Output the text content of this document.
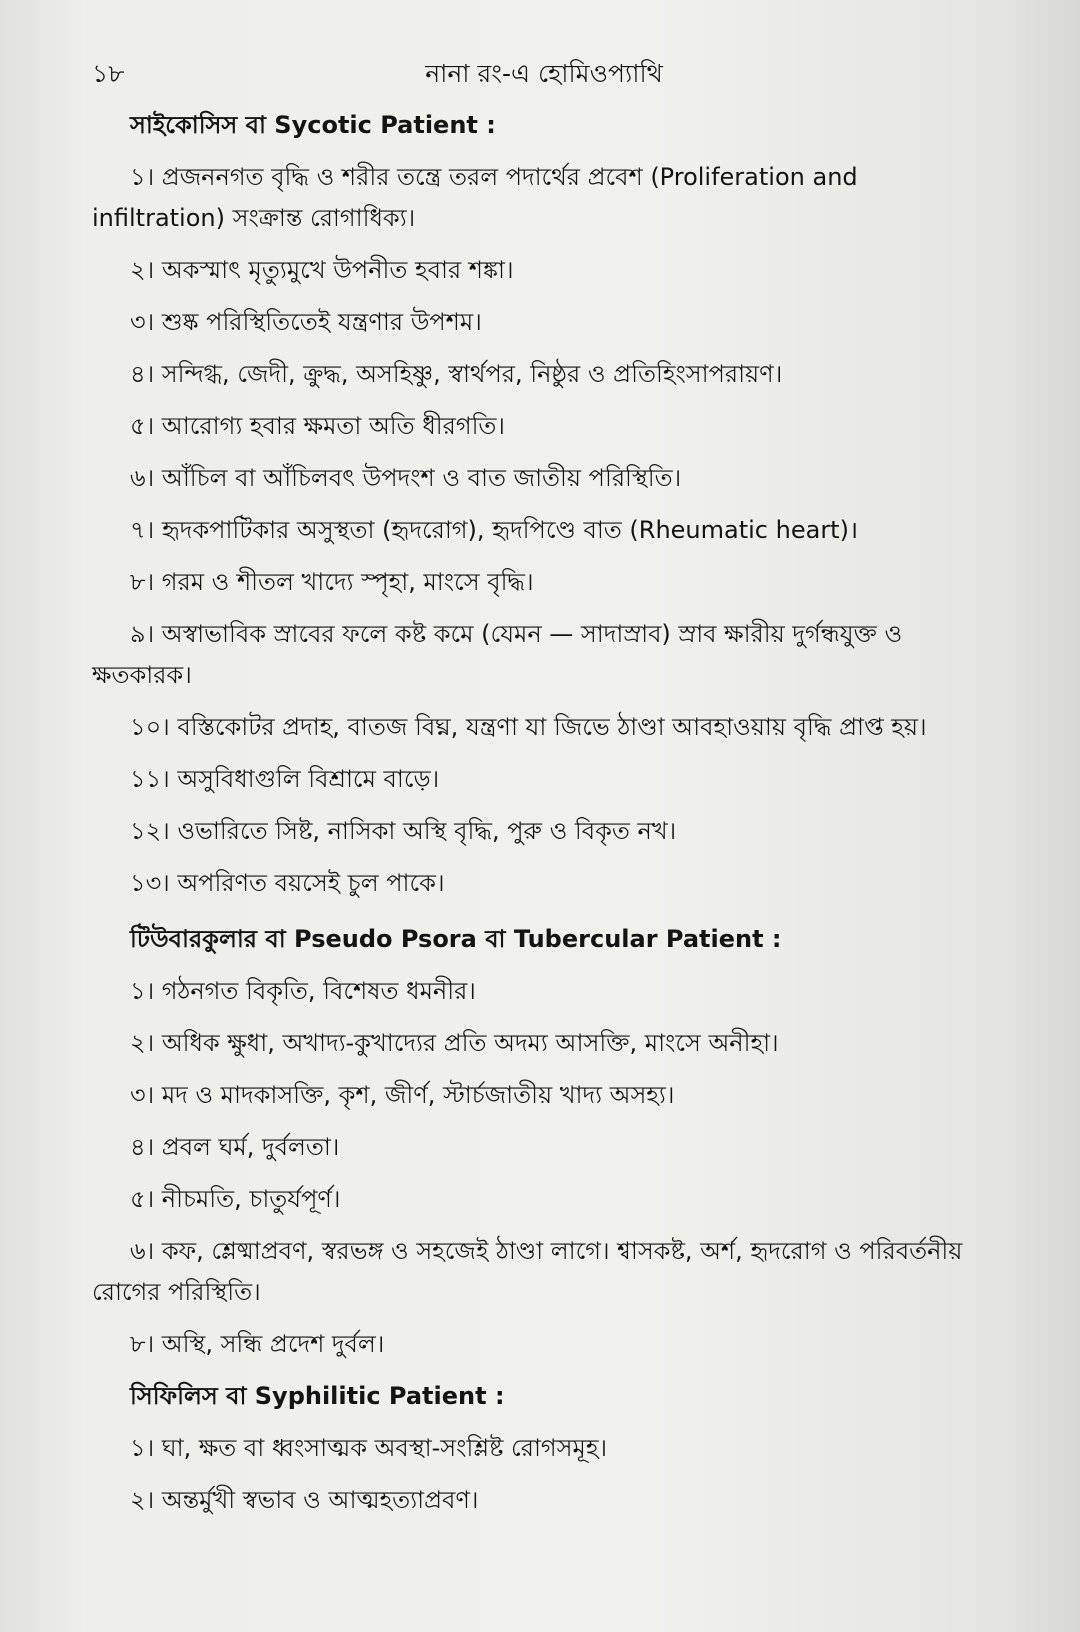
১৮	নানা রং-এ হোমিওপ্যাথি
সাইকোসিস বা Sycotic Patient :
১। প্রজননগত বৃদ্ধি ও শরীর তন্ত্রে তরল পদার্থের প্রবেশ (Proliferation and infiltration) সংক্রান্ত রোগাধিক্য।
২। অকস্মাৎ মৃত্যুমুখে উপনীত হবার শঙ্কা।
৩। শুষ্ক পরিস্থিতিতেই যন্ত্রণার উপশম।
৪। সন্দিগ্ধ, জেদী, ক্রুদ্ধ, অসহিষ্ণু, স্বার্থপর, নিষ্ঠুর ও প্রতিহিংসাপরায়ণ।
৫। আরোগ্য হবার ক্ষমতা অতি ধীরগতি।
৬। আঁচিল বা আঁচিলবৎ উপদংশ ও বাত জাতীয় পরিস্থিতি।
৭। হৃদকপাটিকার অসুস্থতা (হৃদরোগ), হৃদপিণ্ডে বাত (Rheumatic heart)।
৮। গরম ও শীতল খাদ্যে স্পৃহা, মাংসে বৃদ্ধি।
৯। অস্বাভাবিক স্রাবের ফলে কষ্ট কমে (যেমন — সাদাস্রাব) স্রাব ক্ষারীয় দুর্গন্ধযুক্ত ও ক্ষতকারক।
১০। বস্তিকোটর প্রদাহ, বাতজ বিঘ্ন, যন্ত্রণা যা জিভে ঠাণ্ডা আবহাওয়ায় বৃদ্ধি প্রাপ্ত হয়।
১১। অসুবিধাগুলি বিশ্রামে বাড়ে।
১২। ওভারিতে সিষ্ট, নাসিকা অস্থি বৃদ্ধি, পুরু ও বিকৃত নখ।
১৩। অপরিণত বয়সেই চুল পাকে।
টিউবারকুলার বা Pseudo Psora বা Tubercular Patient :
১। গঠনগত বিকৃতি, বিশেষত ধমনীর।
২। অধিক ক্ষুধা, অখাদ্য-কুখাদ্যের প্রতি অদম্য আসক্তি, মাংসে অনীহা।
৩। মদ ও মাদকাসক্তি, কৃশ, জীর্ণ, স্টার্চজাতীয় খাদ্য অসহ্য।
৪। প্রবল ঘর্ম, দুর্বলতা।
৫। নীচমতি, চাতুর্যপূর্ণ।
৬। কফ, শ্লেষ্মাপ্রবণ, স্বরভঙ্গ ও সহজেই ঠাণ্ডা লাগে। শ্বাসকষ্ট, অর্শ, হৃদরোগ ও পরিবর্তনীয় রোগের পরিস্থিতি।
৮। অস্থি, সন্ধি প্রদেশ দুর্বল।
সিফিলিস বা Syphilitic Patient :
১। ঘা, ক্ষত বা ধ্বংসাত্মক অবস্থা-সংশ্লিষ্ট রোগসমূহ।
২। অন্তর্মুখী স্বভাব ও আত্মহত্যাপ্রবণ।
